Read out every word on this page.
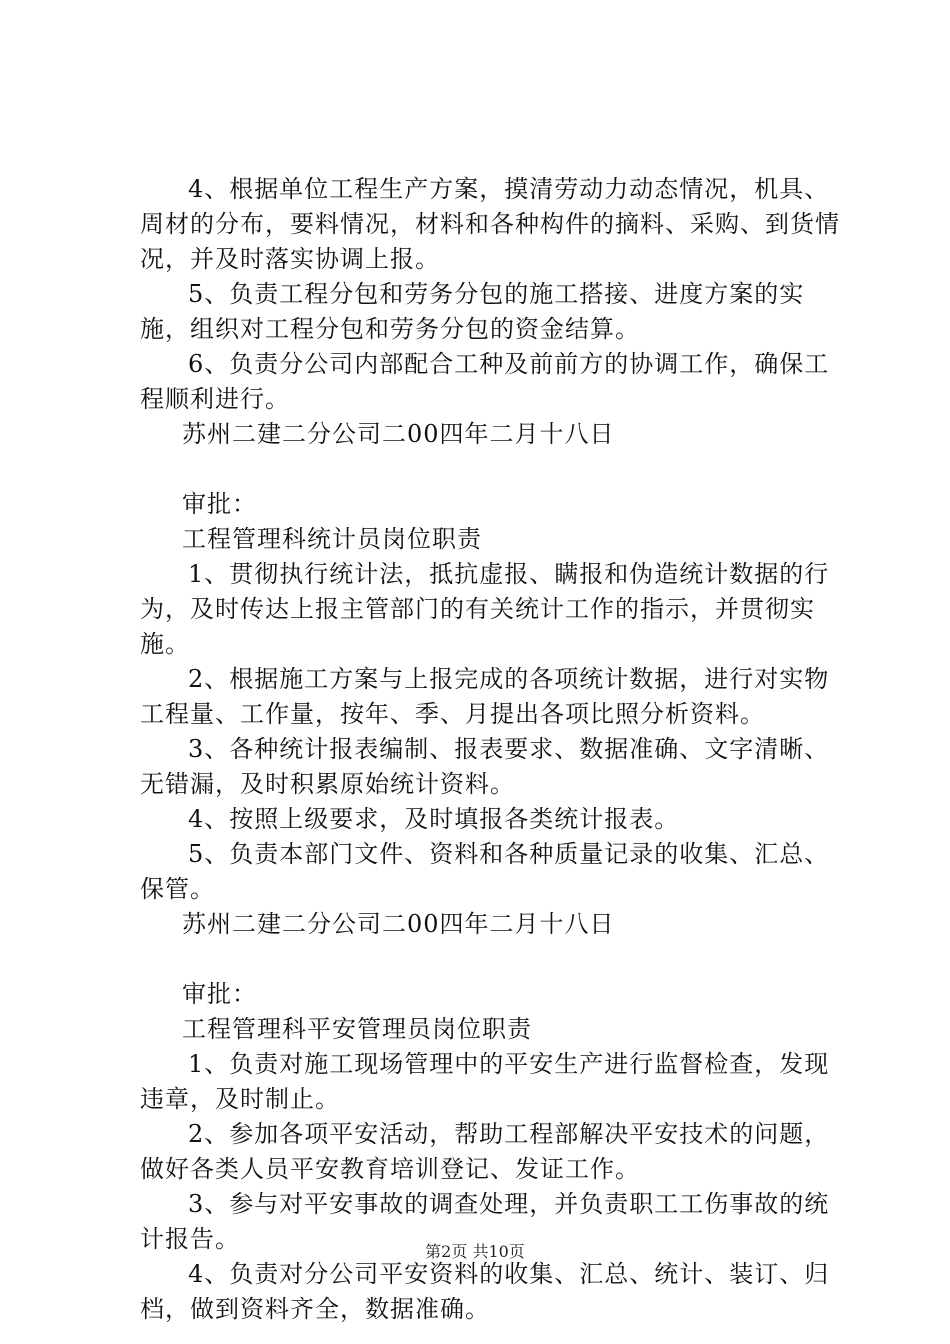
4、根据单位工程生产方案，摸清劳动力动态情况，机具、周材的分布，要料情况，材料和各种构件的摘料、采购、到货情况，并及时落实协调上报。

5、负责工程分包和劳务分包的施工搭接、进度方案的实施，组织对工程分包和劳务分包的资金结算。

6、负责分公司内部配合工种及前前方的协调工作，确保工程顺利进行。

苏州二建二分公司二00四年二月十八日

审批：

工程管理科统计员岗位职责

1、贯彻执行统计法，抵抗虚报、瞒报和伪造统计数据的行为，及时传达上报主管部门的有关统计工作的指示，并贯彻实施。

2、根据施工方案与上报完成的各项统计数据，进行对实物工程量、工作量，按年、季、月提出各项比照分析资料。

3、各种统计报表编制、报表要求、数据准确、文字清晰、无错漏，及时积累原始统计资料。

4、按照上级要求，及时填报各类统计报表。

5、负责本部门文件、资料和各种质量记录的收集、汇总、保管。

苏州二建二分公司二00四年二月十八日

审批：

工程管理科平安管理员岗位职责

1、负责对施工现场管理中的平安生产进行监督检查，发现违章，及时制止。

2、参加各项平安活动，帮助工程部解决平安技术的问题，做好各类人员平安教育培训登记、发证工作。

3、参与对平安事故的调查处理，并负责职工工伤事故的统计报告。

4、负责对分公司平安资料的收集、汇总、统计、装订、归档，做到资料齐全，数据准确。

第2页 共10页
